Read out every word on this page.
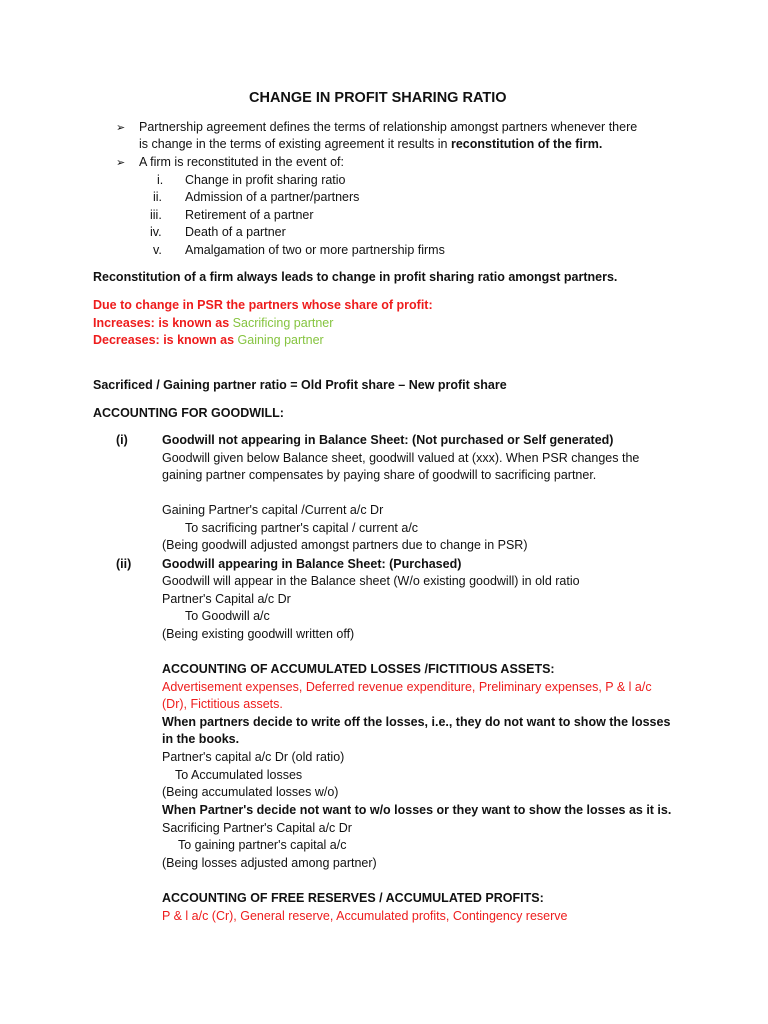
CHANGE IN PROFIT SHARING RATIO
➢ Partnership agreement defines the terms of relationship amongst partners whenever there
is change in the terms of existing agreement it results in reconstitution of the firm.
➢ A firm is reconstituted in the event of:
i. Change in profit sharing ratio
ii. Admission of a partner/partners
iii. Retirement of a partner
iv. Death of a partner
v. Amalgamation of two or more partnership firms
Reconstitution of a firm always leads to change in profit sharing ratio amongst partners.
Due to change in PSR the partners whose share of profit:
Increases: is known as Sacrificing partner
Decreases: is known as Gaining partner
Sacrificed / Gaining partner ratio = Old Profit share – New profit share
ACCOUNTING FOR GOODWILL:
(i)	Goodwill not appearing in Balance Sheet: (Not purchased or Self generated)
Goodwill given below Balance sheet, goodwill valued at (xxx). When PSR changes the
gaining partner compensates by paying share of goodwill to sacrificing partner.
Gaining Partner's capital /Current a/c Dr
To sacrificing partner's capital / current a/c
(Being goodwill adjusted amongst partners due to change in PSR)
(ii) Goodwill appearing in Balance Sheet: (Purchased)
Goodwill will appear in the Balance sheet (W/o existing goodwill) in old ratio
Partner's Capital a/c Dr
To Goodwill a/c
(Being existing goodwill written off)
ACCOUNTING OF ACCUMULATED LOSSES /FICTITIOUS ASSETS:
Advertisement expenses, Deferred revenue expenditure, Preliminary expenses, P & l a/c
(Dr), Fictitious assets.
When partners decide to write off the losses, i.e., they do not want to show the losses
in the books.
Partner's capital a/c Dr (old ratio)
To Accumulated losses
(Being accumulated losses w/o)
When Partner's decide not want to w/o losses or they want to show the losses as it is.
Sacrificing Partner's Capital a/c Dr
To gaining partner's capital a/c
(Being losses adjusted among partner)
ACCOUNTING OF FREE RESERVES / ACCUMULATED PROFITS:
P & l a/c (Cr), General reserve, Accumulated profits, Contingency reserve
